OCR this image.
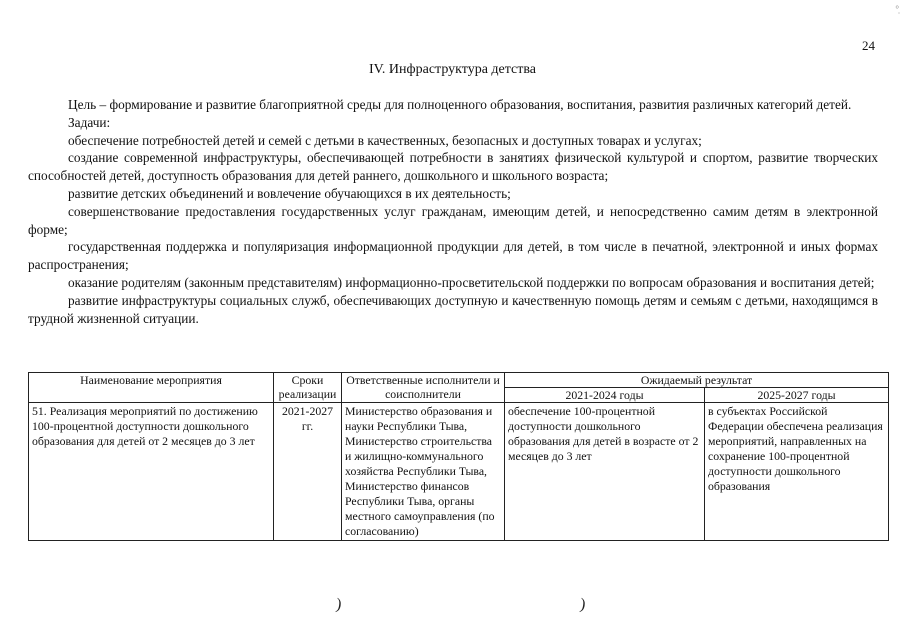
°̣
24
IV. Инфраструктура детства

Цель – формирование и развитие благоприятной среды для полноценного образования, воспитания, развития различных категорий детей.

Задачи:

обеспечение потребностей детей и семей с детьми в качественных, безопасных и доступных товарах и услугах;

создание современной инфраструктуры, обеспечивающей потребности в занятиях физической культурой и спортом, развитие творческих способностей детей, доступность образования для детей раннего, дошкольного и школьного возраста;

развитие детских объединений и вовлечение обучающихся в их деятельность;

совершенствование предоставления государственных услуг гражданам, имеющим детей, и непосредственно самим детям в электронной форме;

государственная поддержка и популяризация информационной продукции для детей, в том числе в печатной, электронной и иных формах распространения;

оказание родителям (законным представителям) информационно-просветительской поддержки по вопросам образования и воспитания детей;

развитие инфраструктуры социальных служб, обеспечивающих доступную и качественную помощь детям и семьям с детьми, находящимся в трудной жизненной ситуации.

Наименование мероприятия	Сроки реализации	Ответственные исполнители и соисполнители	Ожидаемый результат	
			2021-2024 годы	2025-2027 годы
51. Реализация мероприятий по достижению 100-процентной доступности дошкольного образования для детей от 2 месяцев до 3 лет	2021-2027 гг.	Министерство образования и науки Республики Тыва, Министерство строительства и жилищно-коммунального хозяйства Республики Тыва, Министерство финансов Республики Тыва, органы местного самоуправления (по согласованию)	обеспечение 100-процентной доступности дошкольного образования для детей в возрасте от 2 месяцев до 3 лет	в субъектах Российской Федерации обеспечена реализация мероприятий, направленных на сохранение 100-процентной доступности дошкольного образования
)	)
